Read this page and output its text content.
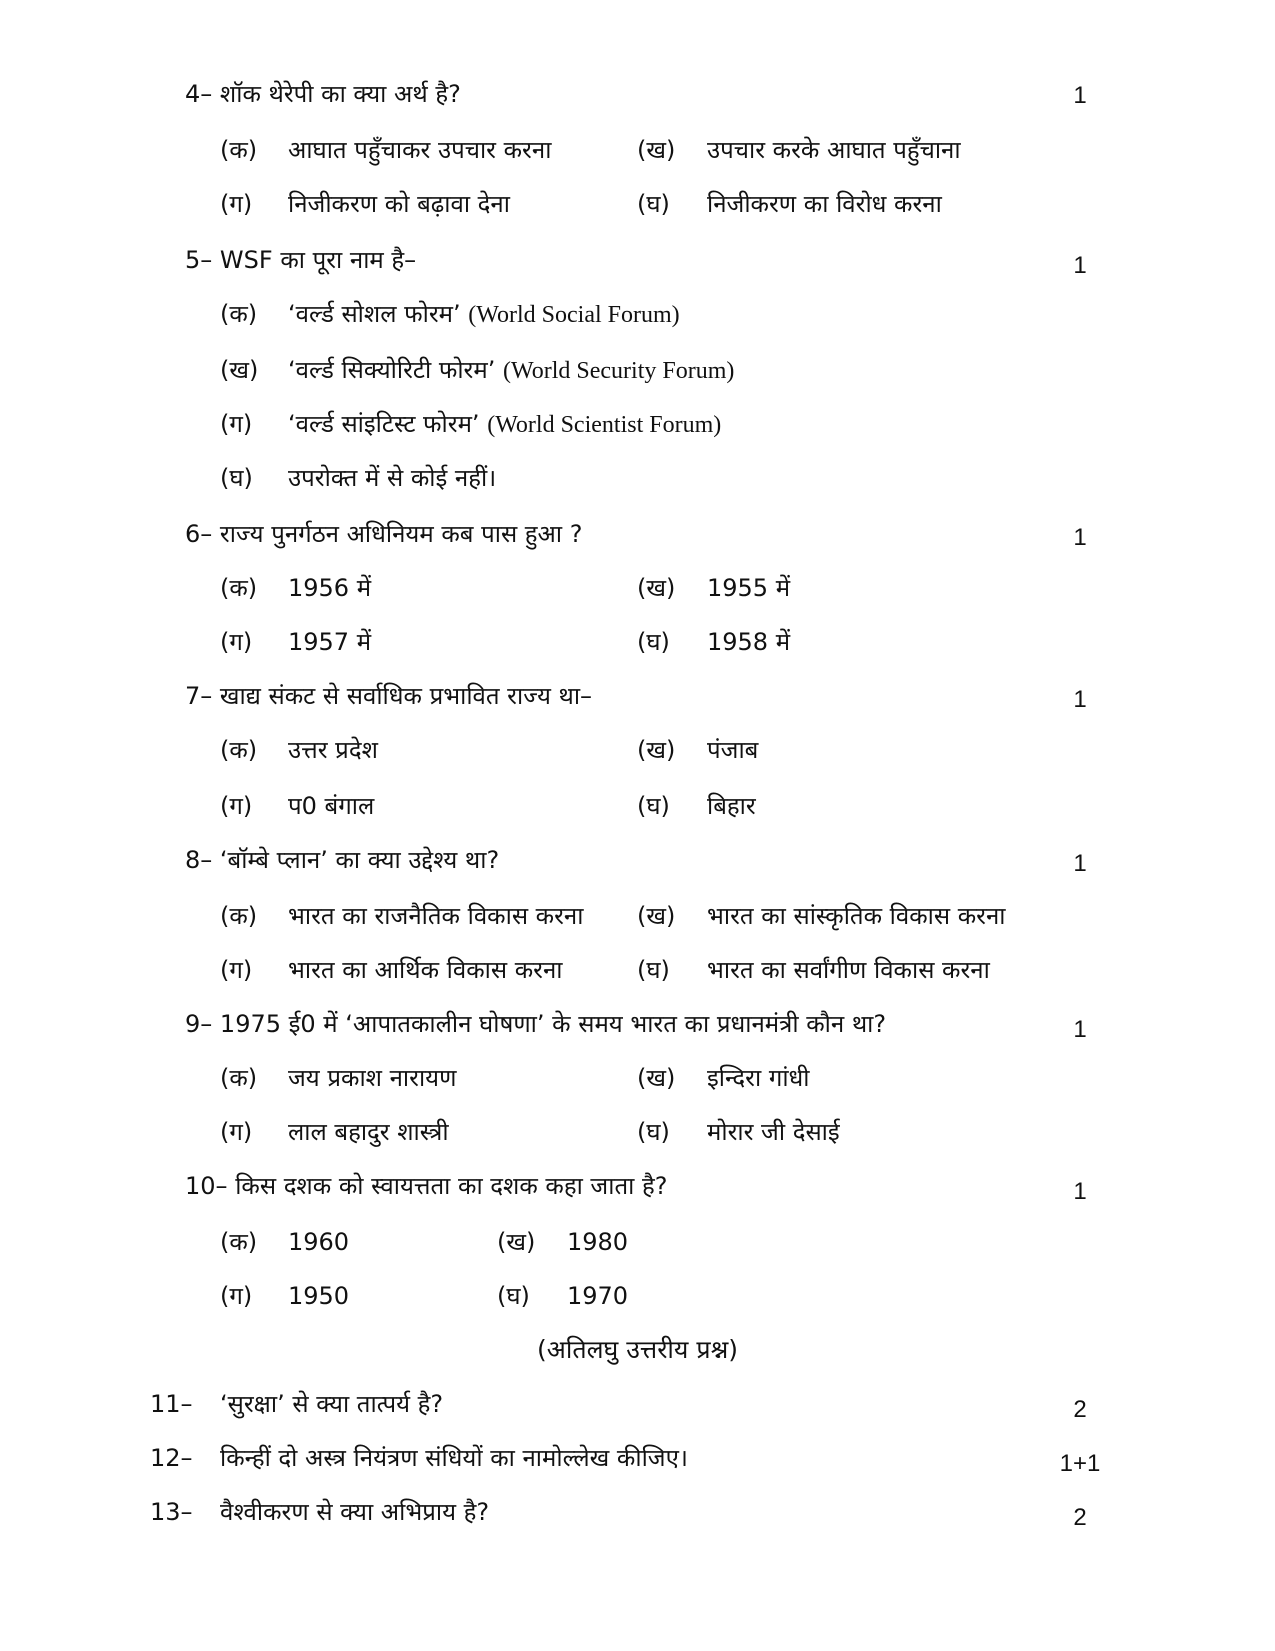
4– शॉक थेरेपी का क्या अर्थ है?	1
(क) आघात पहुँचाकर उपचार करना	(ख) उपचार करके आघात पहुँचाना
(ग) निजीकरण को बढ़ावा देना	(घ) निजीकरण का विरोध करना
5– WSF का पूरा नाम है–	1
(क) ‘वर्ल्ड सोशल फोरम’ (World Social Forum)
(ख) ‘वर्ल्ड सिक्योरिटी फोरम’ (World Security Forum)
(ग) ‘वर्ल्ड सांइटिस्ट फोरम’ (World Scientist Forum)
(घ) उपरोक्त में से कोई नहीं।
6– राज्य पुनर्गठन अधिनियम कब पास हुआ ?	1
(क) 1956 में	(ख) 1955 में
(ग) 1957 में	(घ) 1958 में
7– खाद्य संकट से सर्वाधिक प्रभावित राज्य था–	1
(क) उत्तर प्रदेश	(ख) पंजाब
(ग) प0 बंगाल	(घ) बिहार
8– ‘बॉम्बे प्लान’ का क्या उद्देश्य था?	1
(क) भारत का राजनैतिक विकास करना (ख) भारत का सांस्कृतिक विकास करना
(ग) भारत का आर्थिक विकास करना	(घ) भारत का सर्वांगीण विकास करना
9– 1975 ई0 में ‘आपातकालीन घोषणा’ के समय भारत का प्रधानमंत्री कौन था?	1
(क) जय प्रकाश नारायण	(ख) इन्दिरा गांधी
(ग) लाल बहादुर शास्त्री	(घ) मोरार जी देसाई
10– किस दशक को स्वायत्तता का दशक कहा जाता है?	1
(क) 1960	(ख) 1980
(ग) 1950	(घ) 1970
(अतिलघु उत्तरीय प्रश्न)
11– ‘सुरक्षा’ से क्या तात्पर्य है?	2
12– किन्हीं दो अस्त्र नियंत्रण संधियों का नामोल्लेख कीजिए।	1+1
13– वैश्वीकरण से क्या अभिप्राय है?	2
